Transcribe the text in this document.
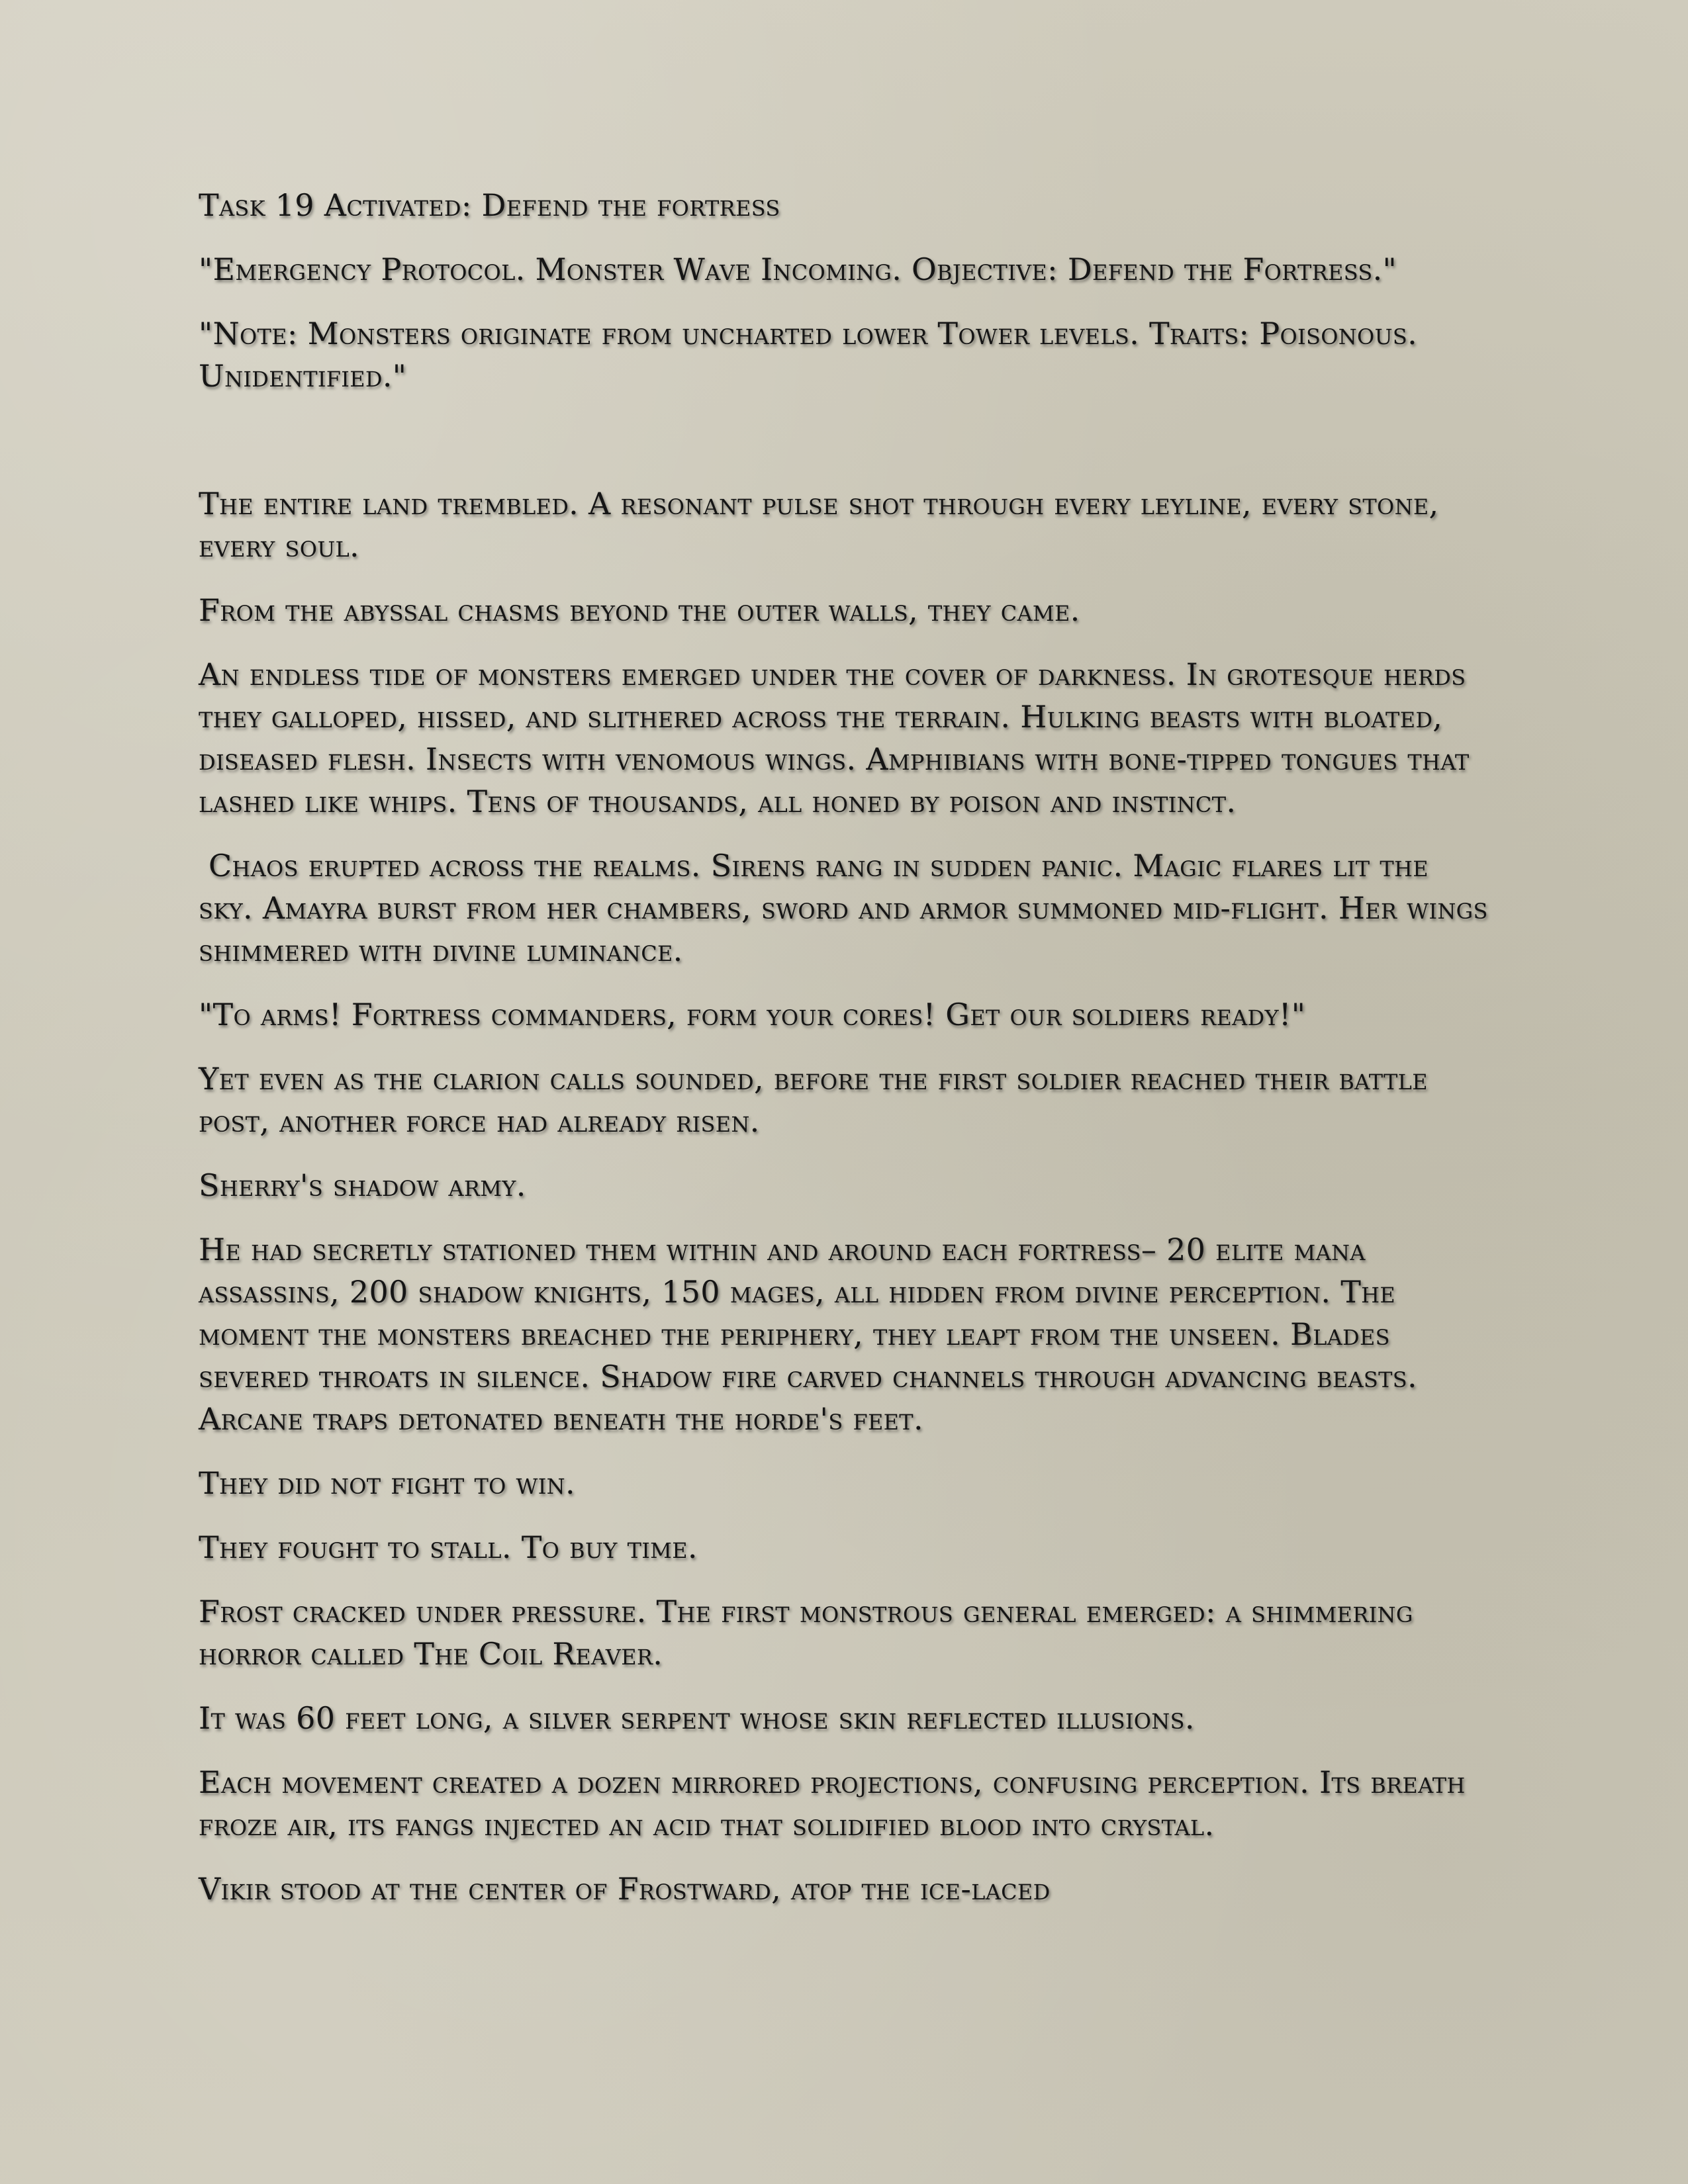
Task 19 Activated: Defend the fortress
"Emergency Protocol. Monster Wave Incoming. Objective: Defend the Fortress."
"Note: Monsters originate from uncharted lower Tower levels. Traits: Poisonous. Unidentified."
The entire land trembled. A resonant pulse shot through every leyline, every stone, every soul.
From the abyssal chasms beyond the outer walls, they came.
An endless tide of monsters emerged under the cover of darkness. In grotesque herds they galloped, hissed, and slithered across the terrain. Hulking beasts with bloated, diseased flesh. Insects with venomous wings. Amphibians with bone-tipped tongues that lashed like whips. Tens of thousands, all honed by poison and instinct.
Chaos erupted across the realms. Sirens rang in sudden panic. Magic flares lit the sky. Amayra burst from her chambers, sword and armor summoned mid-flight. Her wings shimmered with divine luminance.
"To arms! Fortress commanders, form your cores! Get our soldiers ready!"
Yet even as the clarion calls sounded, before the first soldier reached their battle post, another force had already risen.
Sherry's shadow army.
He had secretly stationed them within and around each fortress– 20 elite mana assassins, 200 shadow knights, 150 mages, all hidden from divine perception. The moment the monsters breached the periphery, they leapt from the unseen. Blades severed throats in silence. Shadow fire carved channels through advancing beasts. Arcane traps detonated beneath the horde's feet.
They did not fight to win.
They fought to stall. To buy time.
Frost cracked under pressure. The first monstrous general emerged: a shimmering horror called The Coil Reaver.
It was 60 feet long, a silver serpent whose skin reflected illusions.
Each movement created a dozen mirrored projections, confusing perception. Its breath froze air, its fangs injected an acid that solidified blood into crystal.
Vikir stood at the center of Frostward, atop the ice-laced
